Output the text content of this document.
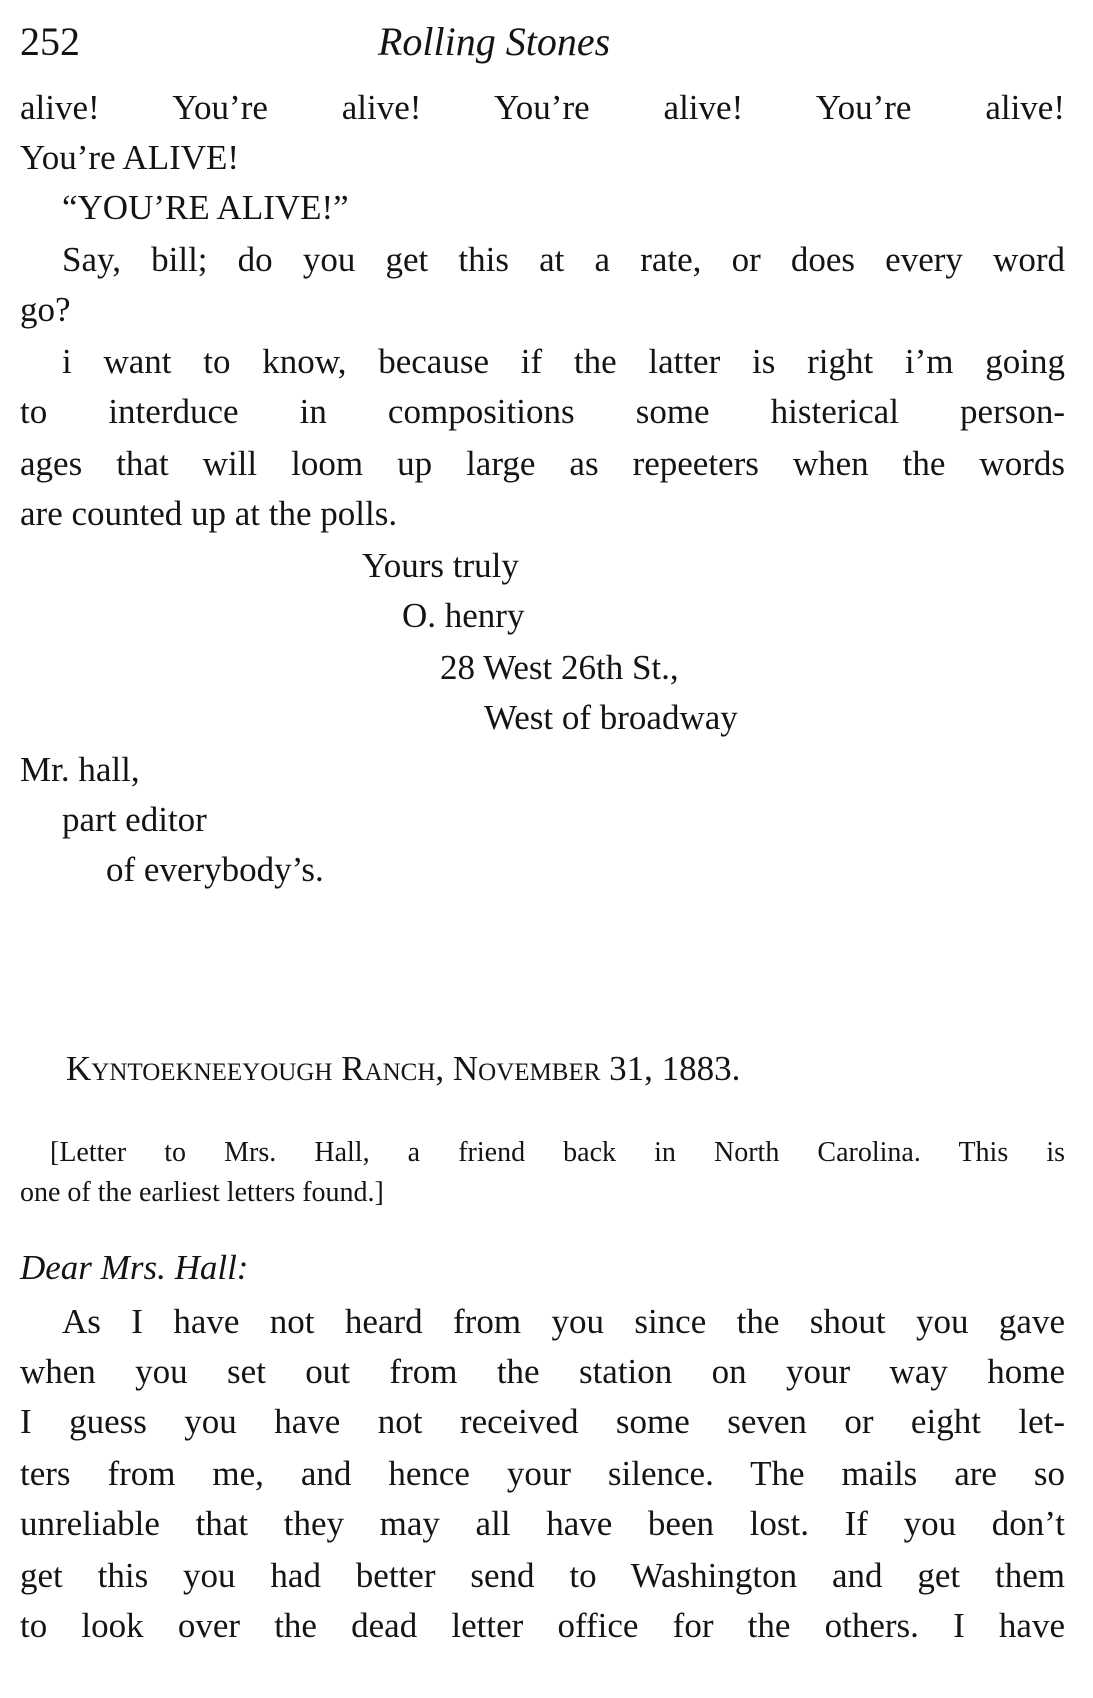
252	Rolling Stones
alive! You’re alive! You’re alive! You’re alive!
You’re ALIVE!
“YOU’RE ALIVE!”
Say, bill; do you get this at a rate, or does every word
go?
i want to know, because if the latter is right i’m going
to interduce in compositions some histerical person-
ages that will loom up large as repeeters when the words
are counted up at the polls.
Yours truly
O. henry
28 West 26th St.,
West of broadway
Mr. hall,
part editor
of everybody’s.
Kyntoekneeyough Ranch, November 31, 1883.
[Letter to Mrs. Hall, a friend back in North Carolina. This is
one of the earliest letters found.]
Dear Mrs. Hall:
As I have not heard from you since the shout you gave
when you set out from the station on your way home
I guess you have not received some seven or eight let-
ters from me, and hence your silence. The mails are so
unreliable that they may all have been lost. If you don’t
get this you had better send to Washington and get them
to look over the dead letter office for the others. I have
